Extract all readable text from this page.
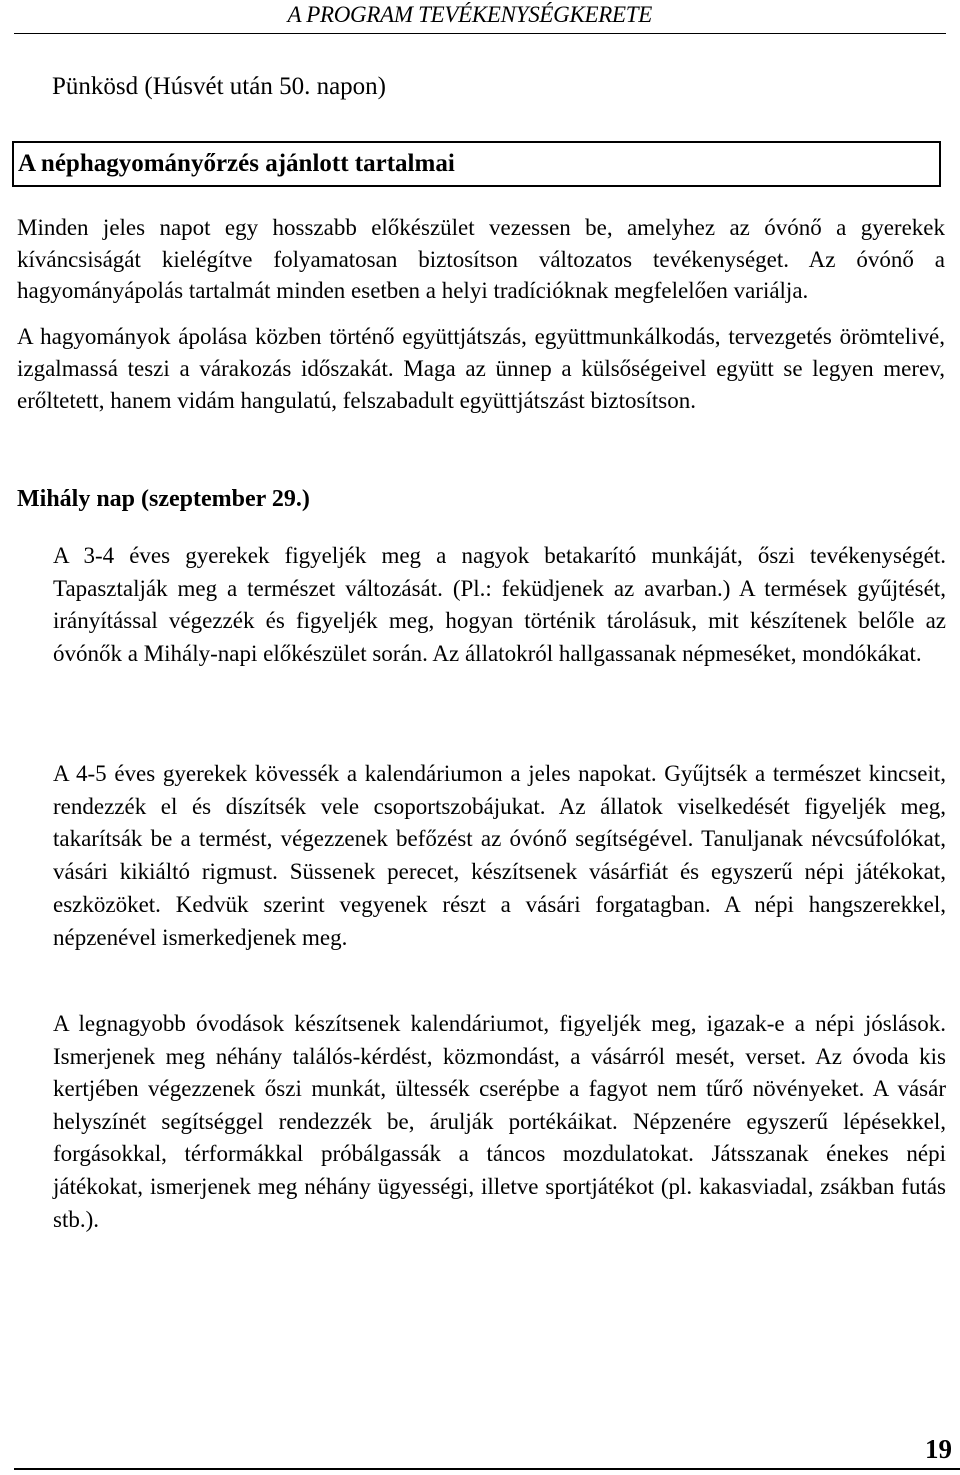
A PROGRAM TEVÉKENYSÉGKERETE
Pünkösd (Húsvét után 50. napon)
A néphagyományőrzés ajánlott tartalmai

Minden jeles napot egy hosszabb előkészület vezessen be, amelyhez az óvónő a gyerekek kíváncsiságát kielégítve folyamatosan biztosítson változatos tevékenységet. Az óvónő a hagyományápolás tartalmát minden esetben a helyi tradícióknak megfelelően variálja.

A hagyományok ápolása közben történő együttjátszás, együttmunkálkodás, tervezgetés örömtelivé, izgalmassá teszi a várakozás időszakát. Maga az ünnep a külsőségeivel együtt se legyen merev, erőltetett, hanem vidám hangulatú, felszabadult együttjátszást biztosítson.

Mihály nap (szeptember 29.)

A 3-4 éves gyerekek figyeljék meg a nagyok betakarító munkáját, őszi tevékenységét. Tapasztalják meg a természet változását. (Pl.: feküdjenek az avarban.) A termések gyűjtését, irányítással végezzék és figyeljék meg, hogyan történik tárolásuk, mit készítenek belőle az óvónők a Mihály-napi előkészület során. Az állatokról hallgassanak népmeséket, mondókákat.

A 4-5 éves gyerekek kövessék a kalendáriumon a jeles napokat. Gyűjtsék a természet kincseit, rendezzék el és díszítsék vele csoportszobájukat. Az állatok viselkedését figyeljék meg, takarítsák be a termést, végezzenek befőzést az óvónő segítségével. Tanuljanak névcsúfolókat, vásári kikiáltó rigmust. Süssenek perecet, készítsenek vásárfiát és egyszerű népi játékokat, eszközöket. Kedvük szerint vegyenek részt a vásári forgatagban. A népi hangszerekkel, népzenével ismerkedjenek meg.

A legnagyobb óvodások készítsenek kalendáriumot, figyeljék meg, igazak-e a népi jóslások. Ismerjenek meg néhány találós-kérdést, közmondást, a vásárról mesét, verset. Az óvoda kis kertjében végezzenek őszi munkát, ültessék cserépbe a fagyot nem tűrő növényeket. A vásár helyszínét segítséggel rendezzék be, árulják portékáikat. Népzenére egyszerű lépésekkel, forgásokkal, térformákkal próbálgassák a táncos mozdulatokat. Játsszanak énekes népi játékokat, ismerjenek meg néhány ügyességi, illetve sportjátékot (pl. kakasviadal, zsákban futás stb.).

19
